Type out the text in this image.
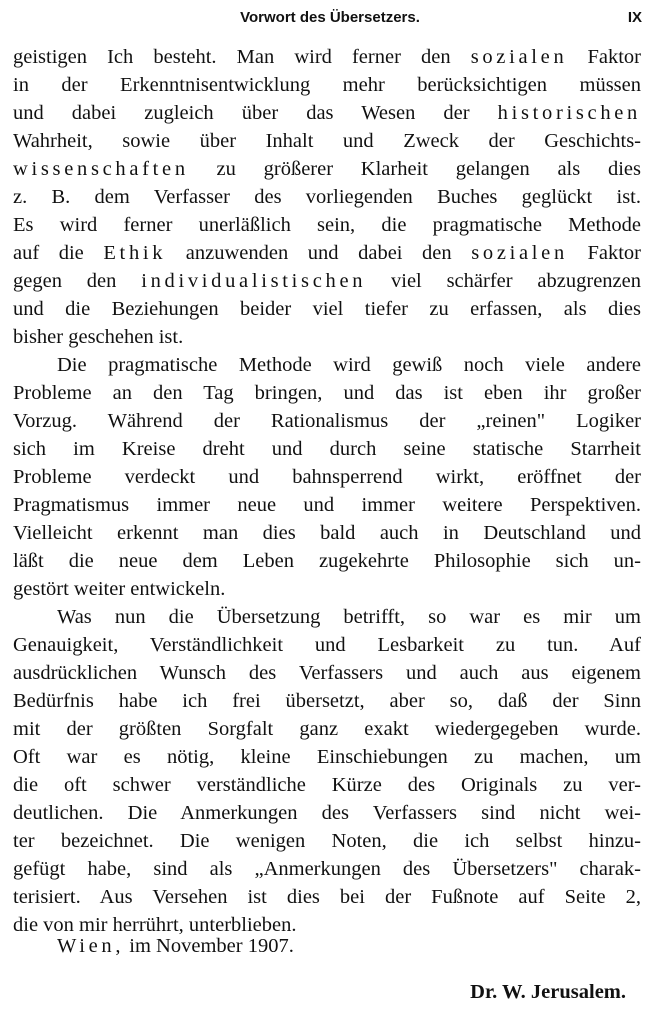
Vorwort des Übersetzers.	IX
geistigen Ich besteht. Man wird ferner den sozialen Faktor
in der Erkenntnisentwicklung mehr berücksichtigen müssen
und dabei zugleich über das Wesen der historischen
Wahrheit, sowie über Inhalt und Zweck der Geschichts-
wissenschaften zu größerer Klarheit gelangen als dies
z. B. dem Verfasser des vorliegenden Buches geglückt ist.
Es wird ferner unerläßlich sein, die pragmatische Methode
auf die Ethik anzuwenden und dabei den sozialen Faktor
gegen den individualistischen viel schärfer abzugrenzen
und die Beziehungen beider viel tiefer zu erfassen, als dies
bisher geschehen ist.
Die pragmatische Methode wird gewiß noch viele andere
Probleme an den Tag bringen, und das ist eben ihr großer
Vorzug. Während der Rationalismus der „reinen" Logiker
sich im Kreise dreht und durch seine statische Starrheit
Probleme verdeckt und bahnsperrend wirkt, eröffnet der
Pragmatismus immer neue und immer weitere Perspektiven.
Vielleicht erkennt man dies bald auch in Deutschland und
läßt die neue dem Leben zugekehrte Philosophie sich un-
gestört weiter entwickeln.
Was nun die Übersetzung betrifft, so war es mir um
Genauigkeit, Verständlichkeit und Lesbarkeit zu tun. Auf
ausdrücklichen Wunsch des Verfassers und auch aus eigenem
Bedürfnis habe ich frei übersetzt, aber so, daß der Sinn
mit der größten Sorgfalt ganz exakt wiedergegeben wurde.
Oft war es nötig, kleine Einschiebungen zu machen, um
die oft schwer verständliche Kürze des Originals zu ver-
deutlichen. Die Anmerkungen des Verfassers sind nicht wei-
ter bezeichnet. Die wenigen Noten, die ich selbst hinzu-
gefügt habe, sind als „Anmerkungen des Übersetzers" charak-
terisiert. Aus Versehen ist dies bei der Fußnote auf Seite 2,
die von mir herrührt, unterblieben.
Wien, im November 1907.
Dr. W. Jerusalem.
